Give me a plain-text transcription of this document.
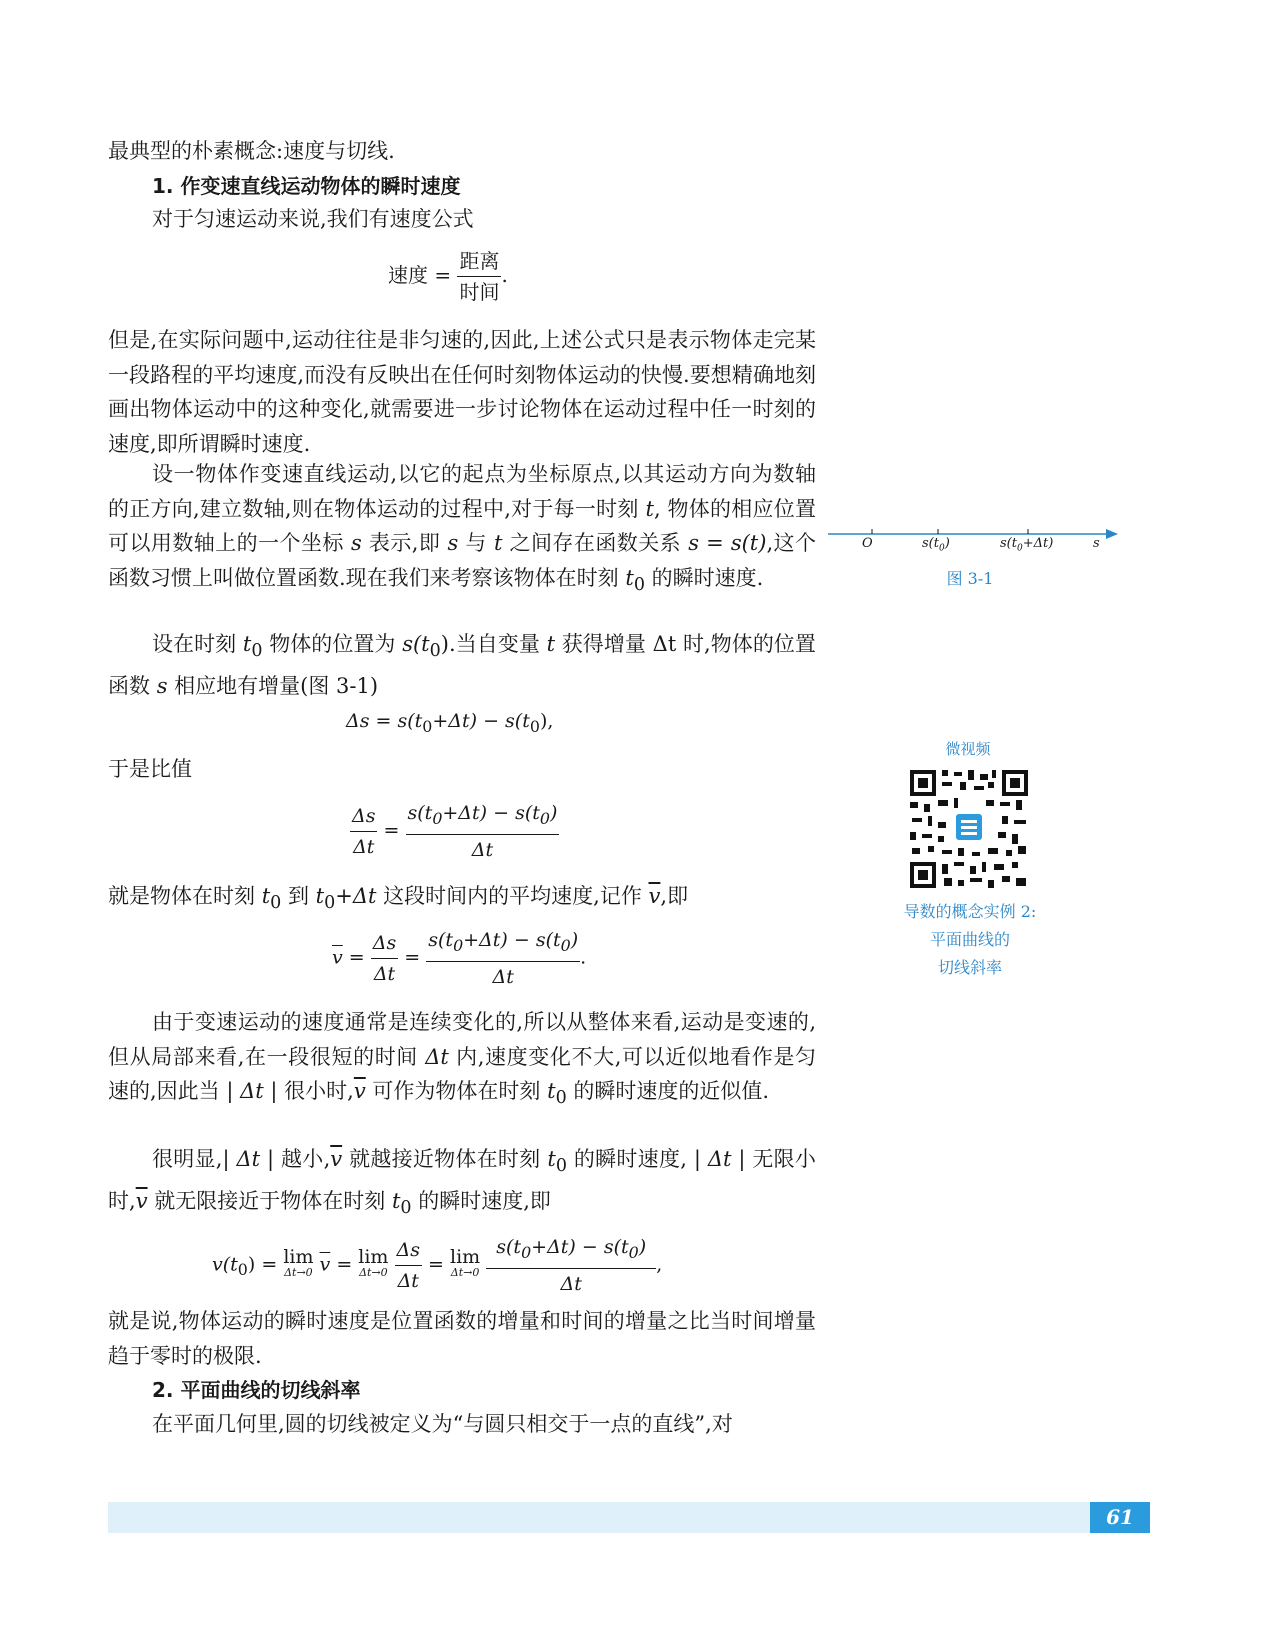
最典型的朴素概念:速度与切线.
1. 作变速直线运动物体的瞬时速度
对于匀速运动来说,我们有速度公式
速度 = $\frac{\text{距离}}{\text{时间}}$ .
但是,在实际问题中,运动往往是非匀速的,因此,上述公式只是表示物体走完某一段路程的平均速度,而没有反映出在任何时刻物体运动的快慢.要想精确地刻画出物体运动中的这种变化,就需要进一步讨论物体在运动过程中任一时刻的速度,即所谓瞬时速度.
设一物体作变速直线运动,以它的起点为坐标原点,以其运动方向为数轴的正方向,建立数轴,则在物体运动的过程中,对于每一时刻 t, 物体的相应位置可以用数轴上的一个坐标 s 表示,即 s 与 t 之间存在函数关系 s = s(t),这个函数习惯上叫做位置函数.现在我们来考察该物体在时刻 $t_0$ 的瞬时速度.
设在时刻 $t_0$ 物体的位置为 $s(t_0)$.当自变量 t 获得增量 Δt 时,物体的位置函数 s 相应地有增量(图 3-1)
$\Delta s = s(t_0+\Delta t) - s(t_0)$,
于是比值
$\frac{\Delta s}{\Delta t} = \frac{s(t_0+\Delta t) - s(t_0)}{\Delta t}$
就是物体在时刻 $t_0$ 到 $t_0+\Delta t$ 这段时间内的平均速度,记作 $\overline{v}$,即
$\overline{v} = \frac{\Delta s}{\Delta t} = \frac{s(t_0+\Delta t) - s(t_0)}{\Delta t}$ .
由于变速运动的速度通常是连续变化的,所以从整体来看,运动是变速的,但从局部来看,在一段很短的时间 Δt 内,速度变化不大,可以近似地看作是匀速的,因此当 | Δt | 很小时$,\overline{v}$ 可作为物体在时刻 $t_0$ 的瞬时速度的近似值.
很明显,| Δt | 越小$,\overline{v}$ 就越接近物体在时刻 $t_0$ 的瞬时速度, | Δt | 无限小时$,\overline{v}$ 就无限接近于物体在时刻 $t_0$ 的瞬时速度,即
$v(t_0) = \lim$
Δt→0 $\overline{v} = \lim$
Δt→0
$\frac{\Delta s}{\Delta t} = \lim$
Δt→0
$\frac{s(t_0+\Delta t) - s(t_0)}{\Delta t}$ ,
就是说,物体运动的瞬时速度是位置函数的增量和时间的增量之比当时间增量趋于零时的极限.
2. 平面曲线的切线斜率
在平面几何里,圆的切线被定义为“与圆只相交于一点的直线”,对
O	$s(t_0)$	$s(t_0+\Delta t)$	s
图 3-1
微视频
导数的概念实例 2:
平面曲线的
切线斜率
61
